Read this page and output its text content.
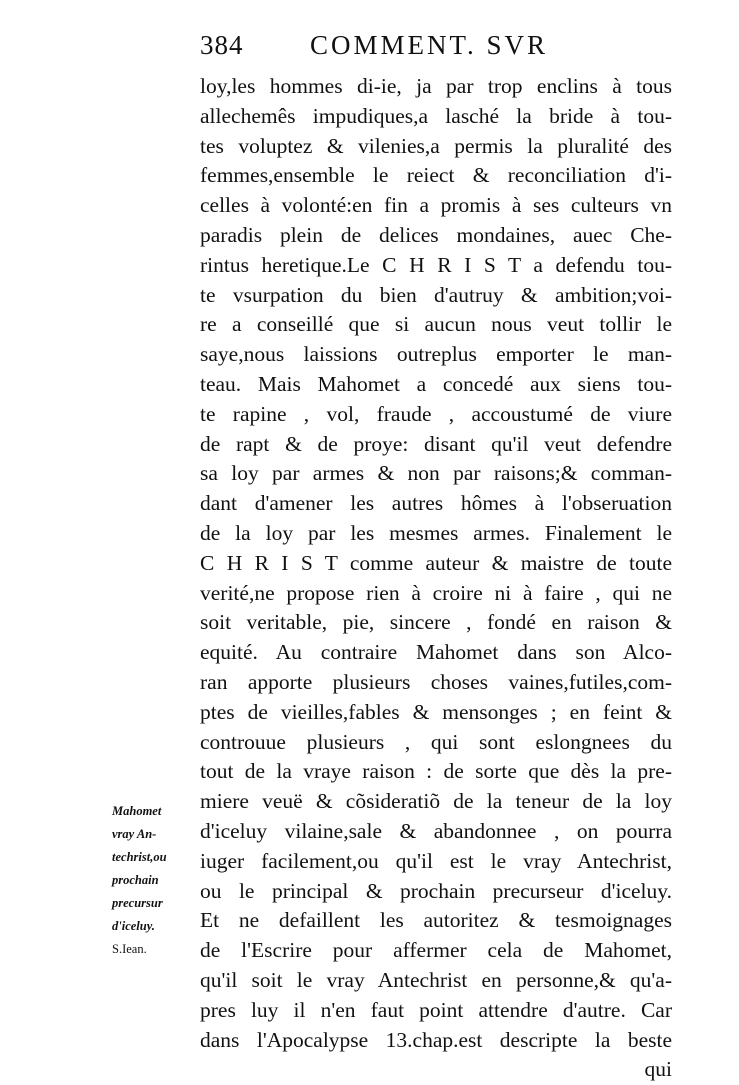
384 COMMENT. SVR
loy,les hommes di-ie, ja par trop enclins à tous
allechemês impudiques,a lasché la bride à tou-
tes voluptez & vilenies,a permis la pluralité des
femmes,ensemble le reiect & reconciliation d'i-
celles à volonté:en fin a promis à ses culteurs vn
paradis plein de delices mondaines, auec Che-
rintus heretique.Le C H R I S T a defendu tou-
te vsurpation du bien d'autruy & ambition;voi-
re a conseillé que si aucun nous veut tollir le
saye,nous laissions outreplus emporter le man-
teau. Mais Mahomet a concedé aux siens tou-
te rapine , vol, fraude , accoustumé de viure
de rapt & de proye: disant qu'il veut defendre
sa loy par armes & non par raisons;& comman-
dant d'amener les autres hômes à l'obseruation
de la loy par les mesmes armes. Finalement le
C H R I S T comme auteur & maistre de toute
verité,ne propose rien à croire ni à faire , qui ne
soit veritable, pie, sincere , fondé en raison &
equité. Au contraire Mahomet dans son Alco-
ran apporte plusieurs choses vaines,futiles,com-
ptes de vieilles,fables & mensonges ; en feint &
controuue plusieurs , qui sont eslongnees du
tout de la vraye raison : de sorte que dès la pre-
miere veuë & cõsideratiõ de la teneur de la loy
d'iceluy vilaine,sale & abandonnee , on pourra
iuger facilement,ou qu'il est le vray Antechrist,
ou le principal & prochain precurseur d'iceluy.
Et ne defaillent les autoritez & tesmoignages
de l'Escrire pour affermer cela de Mahomet,
qu'il soit le vray Antechrist en personne,& qu'a-
pres luy il n'en faut point attendre d'autre. Car
dans l'Apocalypse 13.chap.est descripte la beste
qui
Mahomet
vray An-
techrist,ou
prochain
precursur
d'iceluy.
S.Iean.
